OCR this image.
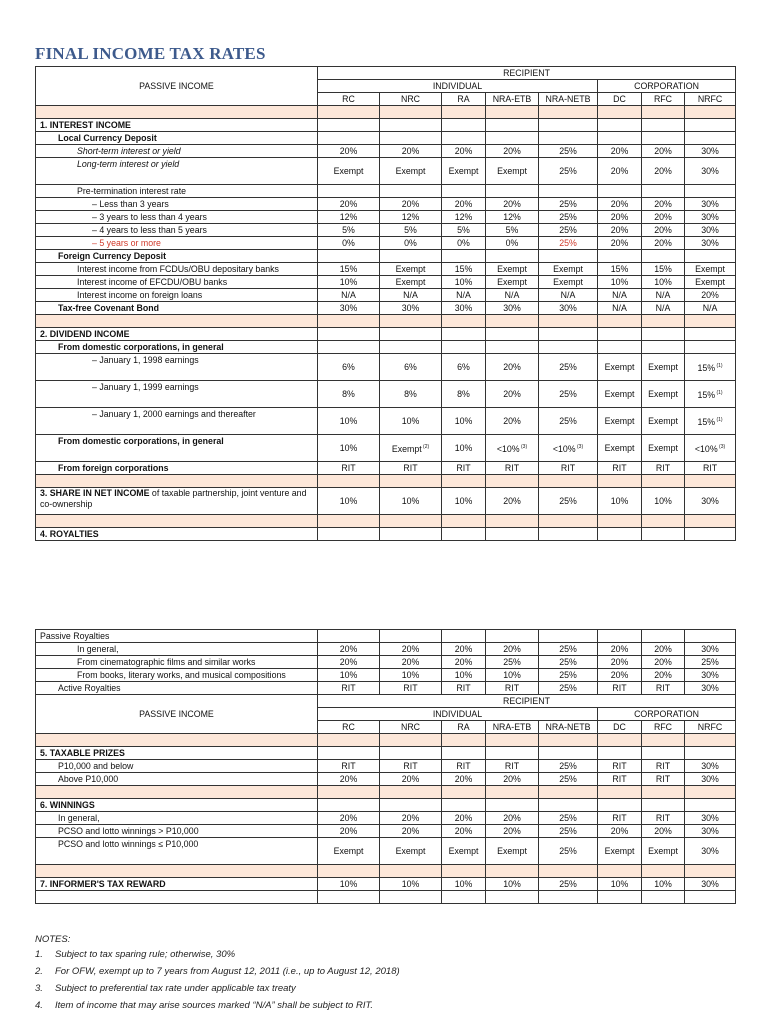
FINAL INCOME TAX RATES
PASSIVE INCOME	RECIPIENT							
	INDIVIDUAL					CORPORATION		
	RC	NRC	RA	NRA-ETB	NRA-NETB	DC	RFC	NRFC

1. INTEREST INCOME								
Local Currency Deposit								
Short-term interest or yield	20%	20%	20%	20%	25%	20%	20%	30%
Long-term interest or yield	Exempt	Exempt	Exempt	Exempt	25%	20%	20%	30%
Pre-termination interest rate								
– Less than 3 years	20%	20%	20%	20%	25%	20%	20%	30%
– 3 years to less than 4 years	12%	12%	12%	12%	25%	20%	20%	30%
– 4 years to less than 5 years	5%	5%	5%	5%	25%	20%	20%	30%
– 5 years or more	0%	0%	0%	0%	25%	20%	20%	30%
Foreign Currency Deposit								
Interest income from FCDUs/OBU depositary banks	15%	Exempt	15%	Exempt	Exempt	15%	15%	Exempt
Interest income of EFCDU/OBU banks	10%	Exempt	10%	Exempt	Exempt	10%	10%	Exempt
Interest income on foreign loans	N/A	N/A	N/A	N/A	N/A	N/A	N/A	20%
Tax-free Covenant Bond	30%	30%	30%	30%	30%	N/A	N/A	N/A

2. DIVIDEND INCOME								
From domestic corporations, in general								
– January 1, 1998 earnings	6%	6%	6%	20%	25%	Exempt	Exempt	15% $^{(1)}$
– January 1, 1999 earnings	8%	8%	8%	20%	25%	Exempt	Exempt	15% $^{(1)}$
– January 1, 2000 earnings and thereafter	10%	10%	10%	20%	25%	Exempt	Exempt	15% $^{(1)}$
From domestic corporations, in general	10%	Exempt $^{(2)}$	10%	<10% $^{(3)}$	<10% $^{(3)}$	Exempt	Exempt	<10% $^{(3)}$
From foreign corporations	RIT	RIT	RIT	RIT	RIT	RIT	RIT	RIT

3. SHARE IN NET INCOME of taxable partnership, joint venture and co-ownership	10%	10%	10%	20%	25%	10%	10%	30%

4. ROYALTIES								
Passive Royalties								
In general,	20%	20%	20%	20%	25%	20%	20%	30%
From cinematographic films and similar works	20%	20%	20%	25%	25%	20%	20%	25%
From books, literary works, and musical compositions	10%	10%	10%	10%	25%	20%	20%	30%
Active Royalties	RIT	RIT	RIT	RIT	25%	RIT	RIT	30%
PASSIVE INCOME	RECIPIENT							
	INDIVIDUAL					CORPORATION		
	RC	NRC	RA	NRA-ETB	NRA-NETB	DC	RFC	NRFC

5. TAXABLE PRIZES								
P10,000 and below	RIT	RIT	RIT	RIT	25%	RIT	RIT	30%
Above P10,000	20%	20%	20%	20%	25%	RIT	RIT	30%

6. WINNINGS								
In general,	20%	20%	20%	20%	25%	RIT	RIT	30%
PCSO and lotto winnings > P10,000	20%	20%	20%	20%	25%	20%	20%	30%
PCSO and lotto winnings ≤ P10,000	Exempt	Exempt	Exempt	Exempt	25%	Exempt	Exempt	30%

7. INFORMER'S TAX REWARD	10%	10%	10%	10%	25%	10%	10%	30%

NOTES:
1. Subject to tax sparing rule; otherwise, 30%
2. For OFW, exempt up to 7 years from August 12, 2011 (i.e., up to August 12, 2018)
3. Subject to preferential tax rate under applicable tax treaty
4. Item of income that may arise sources marked “N/A” shall be subject to RIT.
